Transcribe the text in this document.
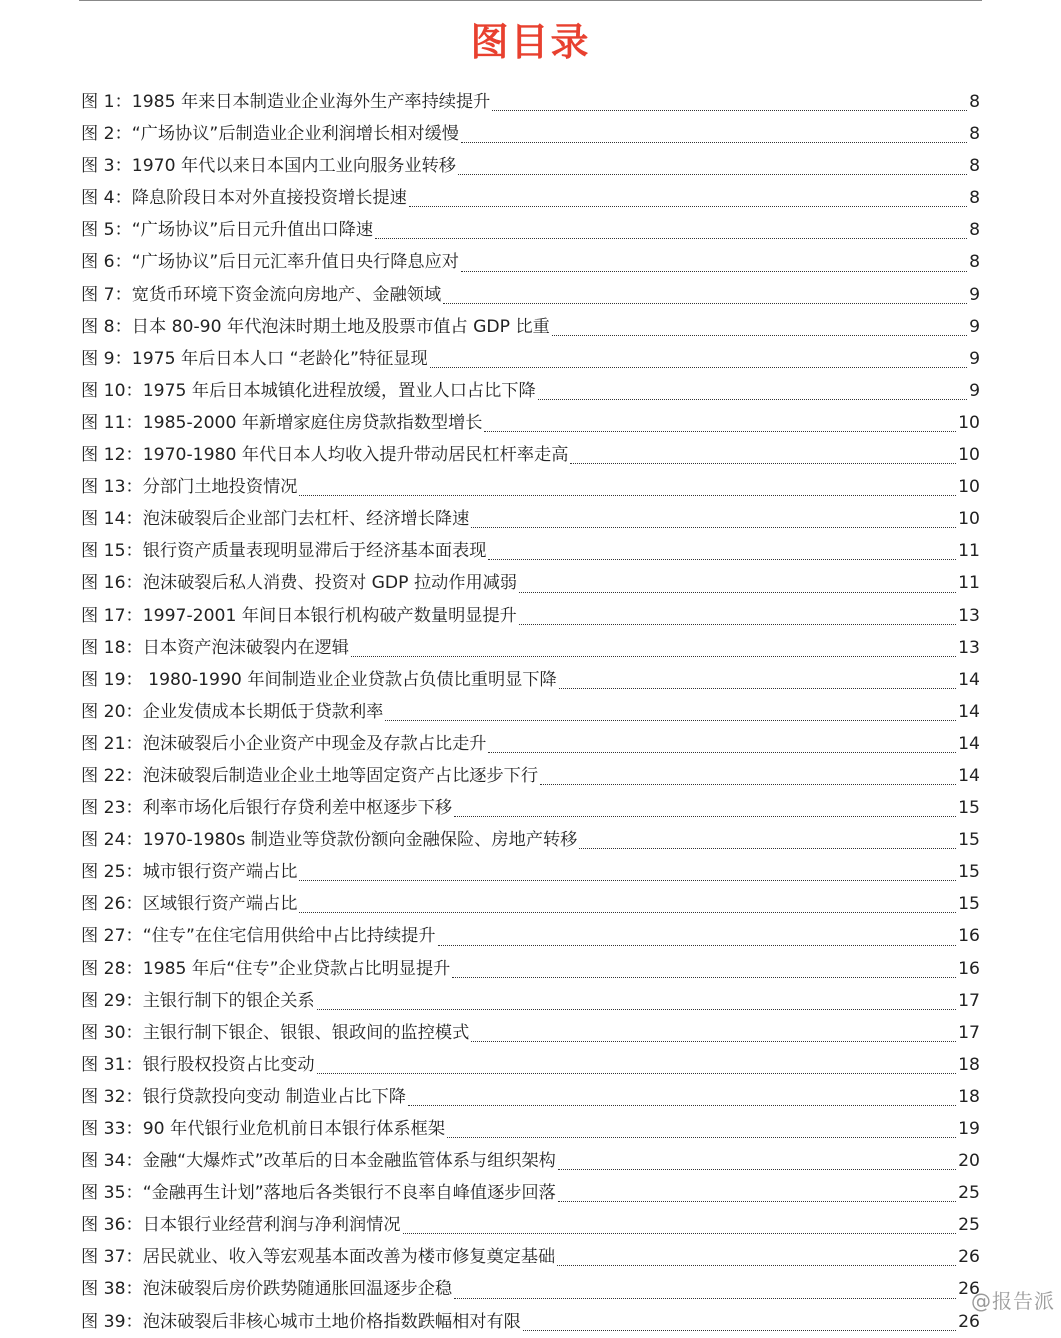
图目录
图 1：1985 年来日本制造业企业海外生产率持续提升	8
图 2：“广场协议”后制造业企业利润增长相对缓慢	8
图 3：1970 年代以来日本国内工业向服务业转移	8
图 4：降息阶段日本对外直接投资增长提速	8
图 5：“广场协议”后日元升值出口降速	8
图 6：“广场协议”后日元汇率升值日央行降息应对	8
图 7：宽货币环境下资金流向房地产、金融领域	9
图 8：日本 80-90 年代泡沫时期土地及股票市值占 GDP 比重	9
图 9：1975 年后日本人口 “老龄化”特征显现	9
图 10：1975 年后日本城镇化进程放缓，置业人口占比下降	9
图 11：1985-2000 年新增家庭住房贷款指数型增长	10
图 12：1970-1980 年代日本人均收入提升带动居民杠杆率走高	10
图 13：分部门土地投资情况	10
图 14：泡沫破裂后企业部门去杠杆、经济增长降速	10
图 15：银行资产质量表现明显滞后于经济基本面表现	11
图 16：泡沫破裂后私人消费、投资对 GDP 拉动作用减弱	11
图 17：1997-2001 年间日本银行机构破产数量明显提升	13
图 18：日本资产泡沫破裂内在逻辑	13
图 19： 1980-1990 年间制造业企业贷款占负债比重明显下降	14
图 20：企业发债成本长期低于贷款利率	14
图 21：泡沫破裂后小企业资产中现金及存款占比走升	14
图 22：泡沫破裂后制造业企业土地等固定资产占比逐步下行	14
图 23：利率市场化后银行存贷利差中枢逐步下移	15
图 24：1970-1980s 制造业等贷款份额向金融保险、房地产转移	15
图 25：城市银行资产端占比	15
图 26：区域银行资产端占比	15
图 27：“住专”在住宅信用供给中占比持续提升	16
图 28：1985 年后“住专”企业贷款占比明显提升	16
图 29：主银行制下的银企关系	17
图 30：主银行制下银企、银银、银政间的监控模式	17
图 31：银行股权投资占比变动	18
图 32：银行贷款投向变动 制造业占比下降	18
图 33：90 年代银行业危机前日本银行体系框架	19
图 34：金融“大爆炸式”改革后的日本金融监管体系与组织架构	20
图 35：“金融再生计划”落地后各类银行不良率自峰值逐步回落	25
图 36：日本银行业经营利润与净利润情况	25
图 37：居民就业、收入等宏观基本面改善为楼市修复奠定基础	26
图 38：泡沫破裂后房价跌势随通胀回温逐步企稳	26
图 39：泡沫破裂后非核心城市土地价格指数跌幅相对有限	26
@报告派
